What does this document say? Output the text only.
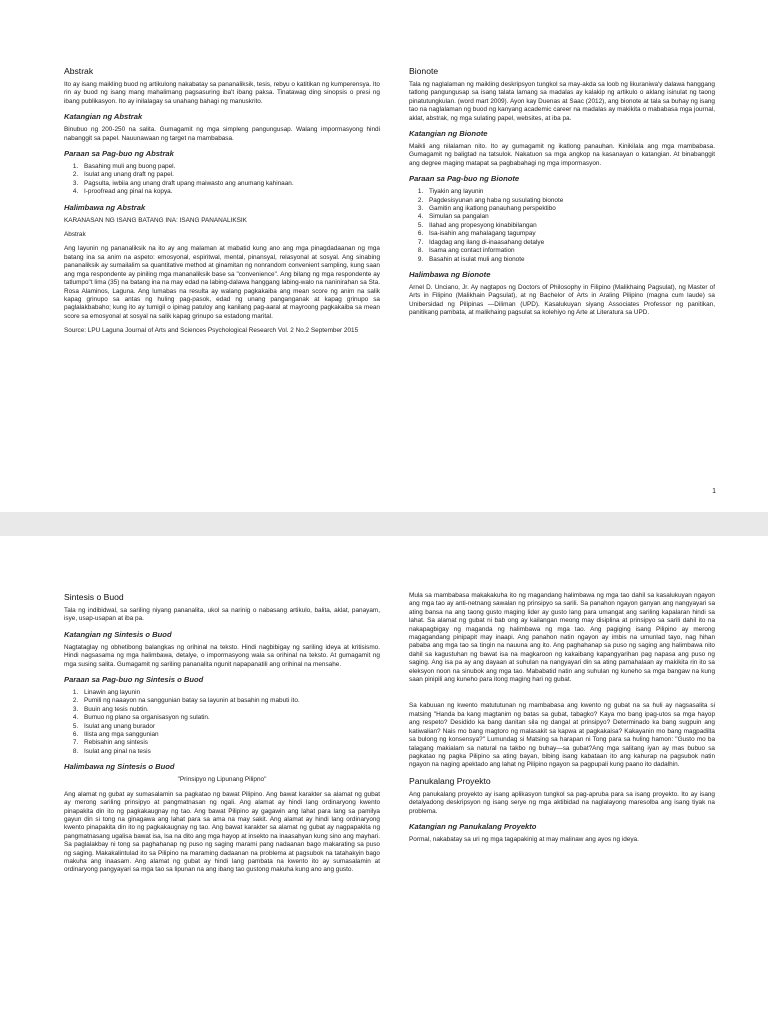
Abstrak

Ito ay isang maikling buod ng artikulong nakabatay sa pananaliksik, tesis, rebyu o katitikan ng kumperensya. Ito rin ay buod ng isang mang mahalimang pagsasuring iba't ibang paksa. Tinatawag ding sinopsis o presi ng ibang publikasyon. Ito ay inilalagay sa unahang bahagi ng manuskrito.

Katangian ng Abstrak

Binubuo ng 200-250 na salita. Gumagamit ng mga simpleng pangungusap. Walang impormasyong hindi nabanggit sa papel. Nauunawaan ng target na mambabasa.

Paraan sa Pag-buo ng Abstrak
1. Basahing muli ang buong papel.
2. Isulat ang unang draft ng papel.
3. Pagsulta, iwbiia ang unang draft upang maiwasto ang anumang kahinaan.
4. I-proofread ang pinal na kopya.
Halimbawa ng Abstrak

KARANASAN NG ISANG BATANG INA: ISANG PANANALIKSIK

Abstrak

Ang layunin ng pananaliksik na ito ay ang malaman at mabatid kung ano ang mga pinagdadaanan ng mga batang ina sa anim na aspeto: emosyonal, espiritwal, mental, pinansyal, relasyonal at sosyal. Ang sinabing pananaliksik ay sumailalim sa quantitative method at ginamitan ng nonrandom convenient sampling, kung saan ang mga respondente ay piniling mga mananaliksik base sa "convenience". Ang bilang ng mga respondente ay tatlumpo"t lima (35) na batang ina na may edad na labing-dalawa hanggang labing-walo na naninirahan sa Sta. Rosa Alaminos, Laguna. Ang lumabas na resulta ay walang pagkakaiba ang mean score ng anim na salik kapag grinupo sa antas ng huling pag-pasok, edad ng unang panganganak at kapag grinupo sa paglalakbabaho; kung ito ay tumigil o ipinag patuloy ang kanilang pag-aaral at mayroong pagkakaiba sa mean score sa emosyonal at sosyal na salik kapag grinupo sa estadong marital.

Source: LPU Laguna Journal of Arts and Sciences Psychological Research Vol. 2 No.2 September 2015

Bionote

Tala ng naglalaman ng maikling deskripsyon tungkol sa may-akda sa loob ng likuraniwa'y dalawa hanggang tatlong pangungusap sa isang talata lamang sa madalas ay kalakip ng artikulo o aklang isinulat ng taong pinatutungkulan. (word mart 2009). Ayon kay Duenas at Saac (2012), ang bionote at tala sa buhay ng isang tao na naglalaman ng buod ng kanyang academic career na madalas ay makikita o mababasa mga journal, aklat, abstrak, ng mga sulating papel, websites, at iba pa.

Katangian ng Bionote

Maikli ang nilalaman nito. Ito ay gumagamit ng ikatlong panauhan. Kinikilala ang mga mambabasa. Gumagamit ng baligtad na tatsulok. Nakatuon sa mga angkop na kasanayan o katangian. At binabanggit ang degree maging matapat sa pagbabahagi ng mga impormasyon.

Paraan sa Pag-buo ng Bionote
1. Tiyakin ang layunin
2. Pagdesisyunan ang haba ng susulating bionote
3. Gamitin ang ikatlong panauhang perspektibo
4. Simulan sa pangalan
5. Ilahad ang propesyong kinabibilangan
6. Isa-isahin ang mahalagang tagumpay
7. Idagdag ang ilang di-inaasahang detalye
8. Isama ang contact information
9. Basahin at isulat muli ang bionote
Halimbawa ng Bionote

Arnel D. Unciano, Jr. Ay nagtapos ng Doctors of Philosophy in Filipino (Malikhaing Pagsulat), ng Master of Arts in Filipino (Malikhain Pagsulat), at ng Bachelor of Arts in Araling Pilipino (magna cum laude) sa Unibersidad ng Pilipinas —Diliman (UPD). Kasalukuyan siyang Associates Professor ng panitikan, panitikang pambata, at malikhaing pagsulat sa kolehiyo ng Arte at Literatura sa UPD.

1
Sintesis o Buod

Tala ng indibidwal, sa sariling niyang pananalita, ukol sa narinig o nabasang artikulo, balita, aklat, panayam, isye, usap-usapan at iba pa.

Katangian ng Sintesis o Buod

Nagtataglay ng obhetibong balangkas ng orihinal na teksto. Hindi nagbibigay ng sariling ideya at kritisismo. Hindi nagsasama ng mga halimbawa, detalye, o impormasyong wala sa orihinal na teksto. At gumagamit ng mga susing salita. Gumagamit ng sariling pananalita ngunit napapanatili ang orihinal na mensahe.

Paraan sa Pag-buo ng Sintesis o Buod
1. Linawin ang layunin
2. Pumili ng naaayon na sanggunian batay sa layunin at basahin ng mabuti ito.
3. Buuin ang tesis nubtin.
4. Bumuo ng plano sa organisasyon ng sulatin.
5. Isulat ang unang burador
6. Ilista ang mga sanggunian
7. Rebisahin ang sintesis
8. Isulat ang pinal na tesis
Halimbawa ng Sintesis o Buod

"Prinsipyo ng Lipunang Pilipno"

Ang alamat ng gubat ay sumasalamin sa pagkatao ng bawat Pilipino. Ang bawat karakter sa alamat ng gubat ay merong sariling prinsipyo at pangmatnasan ng ngali. Ang alamat ay hindi lang ordinaryong kwento pinapakita din ito ng pagkakaugnay ng tao. Ang bawat Pilipino ay gagawin ang lahat para lang sa pamilya gayun din si tong na ginagawa ang lahat para sa ama na may sakit. Ang alamat ay hindi lang ordinaryong kwento pinapakita din ito ng pagkakaugnay ng tao. Ang bawat karakter sa alamat ng gubat ay nagpapakita ng pangmatnasang ugalisa bawat isa, lsa na dito ang mga hayop at insekto na inaasahyan kung sino ang mayhari. Sa paglalakbay ni tong sa paghahanap ng puso ng saging marami pang nadaanan bago makarating sa puso ng saging. Makakalintulad ito sa Pilipino na maraming dadaanan na problema at pagsubok na tatahakyin bago makuha ang inaasam. Ang alamat ng gubat ay hindi lang pambata na kwento ito ay sumasalamin at ordinaryong pangyayari sa mga tao sa lipunan na ang ibang tao gustong makuha kung ano ang gusto.

Mula sa mambabasa makakakuha ito ng magandang halimbawa ng mga tao dahil sa kasalukuyan ngayon ang mga tao ay anti-netnang sawalan ng prinsipyo sa sarili. Sa panahon ngayon ganyan ang nangyayari sa ating bansa na ang taong gusto maging lider ay gusto lang para umangat ang sariling kapalaran hindi sa lahat. Sa alamat ng gubat ni bab ong ay kailangan meong may disiplina at prinsipyo sa sarili dahil ito na nakapagbigay ng maganda ng halimbawa ng mga tao. Ang pagiging isang Pilipino ay merong magagandang pinipapit may inaapi. Ang panahon natin ngayon ay imbis na umunlad tayo, nag hihan pababa ang mga tao sa tingin na nauuna ang ito. Ang paghahanap sa puso ng saging ang halimbawa nito dahil sa kagustuhan ng bawat isa na magkaroon ng kakaibang kapangyarihan pag napasa ang puso ng saging. Ang isa pa ay ang dayaan at suhulan na nangyayari din sa ating pamahalaan ay makikita rin ito sa eleksyon noon na sinubok ang mga tao. Mababatid natin ang suhulan ng kuneho sa mga bangaw na kung saan pinipili ang kuneho para itong maging hari ng gubat.

Sa kabuuan ng kwento matututunan ng mambabasa ang kwento ng gubat na sa huli ay nagsasalita si matsing "Handa ba kang magtanim ng batas sa gubat, tabagko? Kaya mo bang ipag-utos sa mga hayop ang respeto? Desidido ka bang danitan sila ng dangal at prinsipyo? Determinado ka bang sugpuin ang katiwalian? Nais mo bang magtoro ng malasakit sa kapwa at pagkakaisa? Kakayanin mo bang magpadilta sa bulong ng konsensya?" Lumundag si Matsing sa harapan ni Tong para sa huling hamon: "Gusto mo ba talagang makialam sa natural na takbo ng buhay—sa gubat?Ang mga salitang iyan ay mas bubuo sa pagkatao ng pagka Pilipino sa ating bayan, bibing isang kabataan ito ang kahurap na pagsubok natin ngayon na naging apektado ang lahat ng Pilipino ngayon sa pagpupali kung paano ito dadalhin.

Panukalang Proyekto

Ang panukalang proyekto ay isang aplikasyon tungkol sa pag-apruba para sa isang proyekto. Ito ay isang detalyadong deskripsyon ng isang serye ng mga aktibidad na naglalayong maresolba ang isang tiyak na problema.

Katangian ng Panukalang Proyekto

Pormal, nakabatay sa uri ng mga tagapakinig at may malinaw ang ayos ng ideya.
